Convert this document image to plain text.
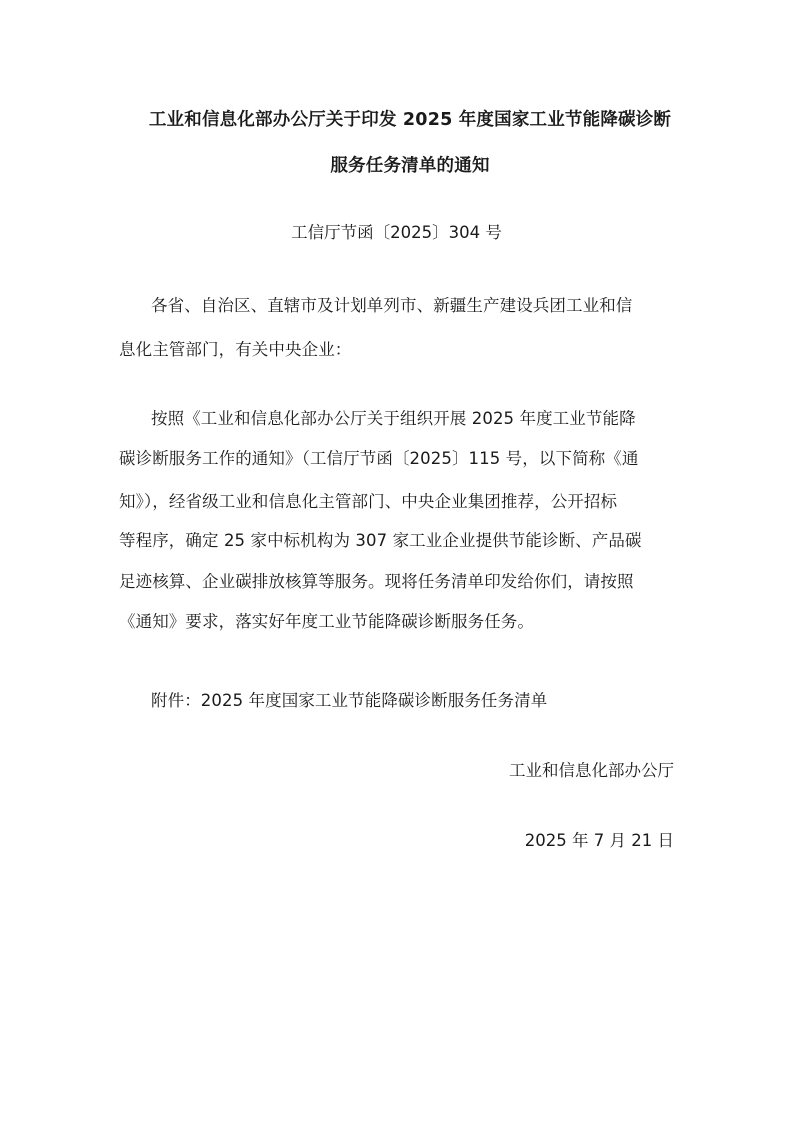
工业和信息化部办公厅关于印发 2025 年度国家工业节能降碳诊断
服务任务清单的通知
工信厅节函〔2025〕304 号
各省、自治区、直辖市及计划单列市、新疆生产建设兵团工业和信
息化主管部门，有关中央企业：
按照《工业和信息化部办公厅关于组织开展 2025 年度工业节能降
碳诊断服务工作的通知》（工信厅节函〔2025〕115 号，以下简称《通
知》），经省级工业和信息化主管部门、中央企业集团推荐，公开招标
等程序，确定 25 家中标机构为 307 家工业企业提供节能诊断、产品碳
足迹核算、企业碳排放核算等服务。现将任务清单印发给你们，请按照
《通知》要求，落实好年度工业节能降碳诊断服务任务。
附件：2025 年度国家工业节能降碳诊断服务任务清单
工业和信息化部办公厅
2025 年 7 月 21 日
